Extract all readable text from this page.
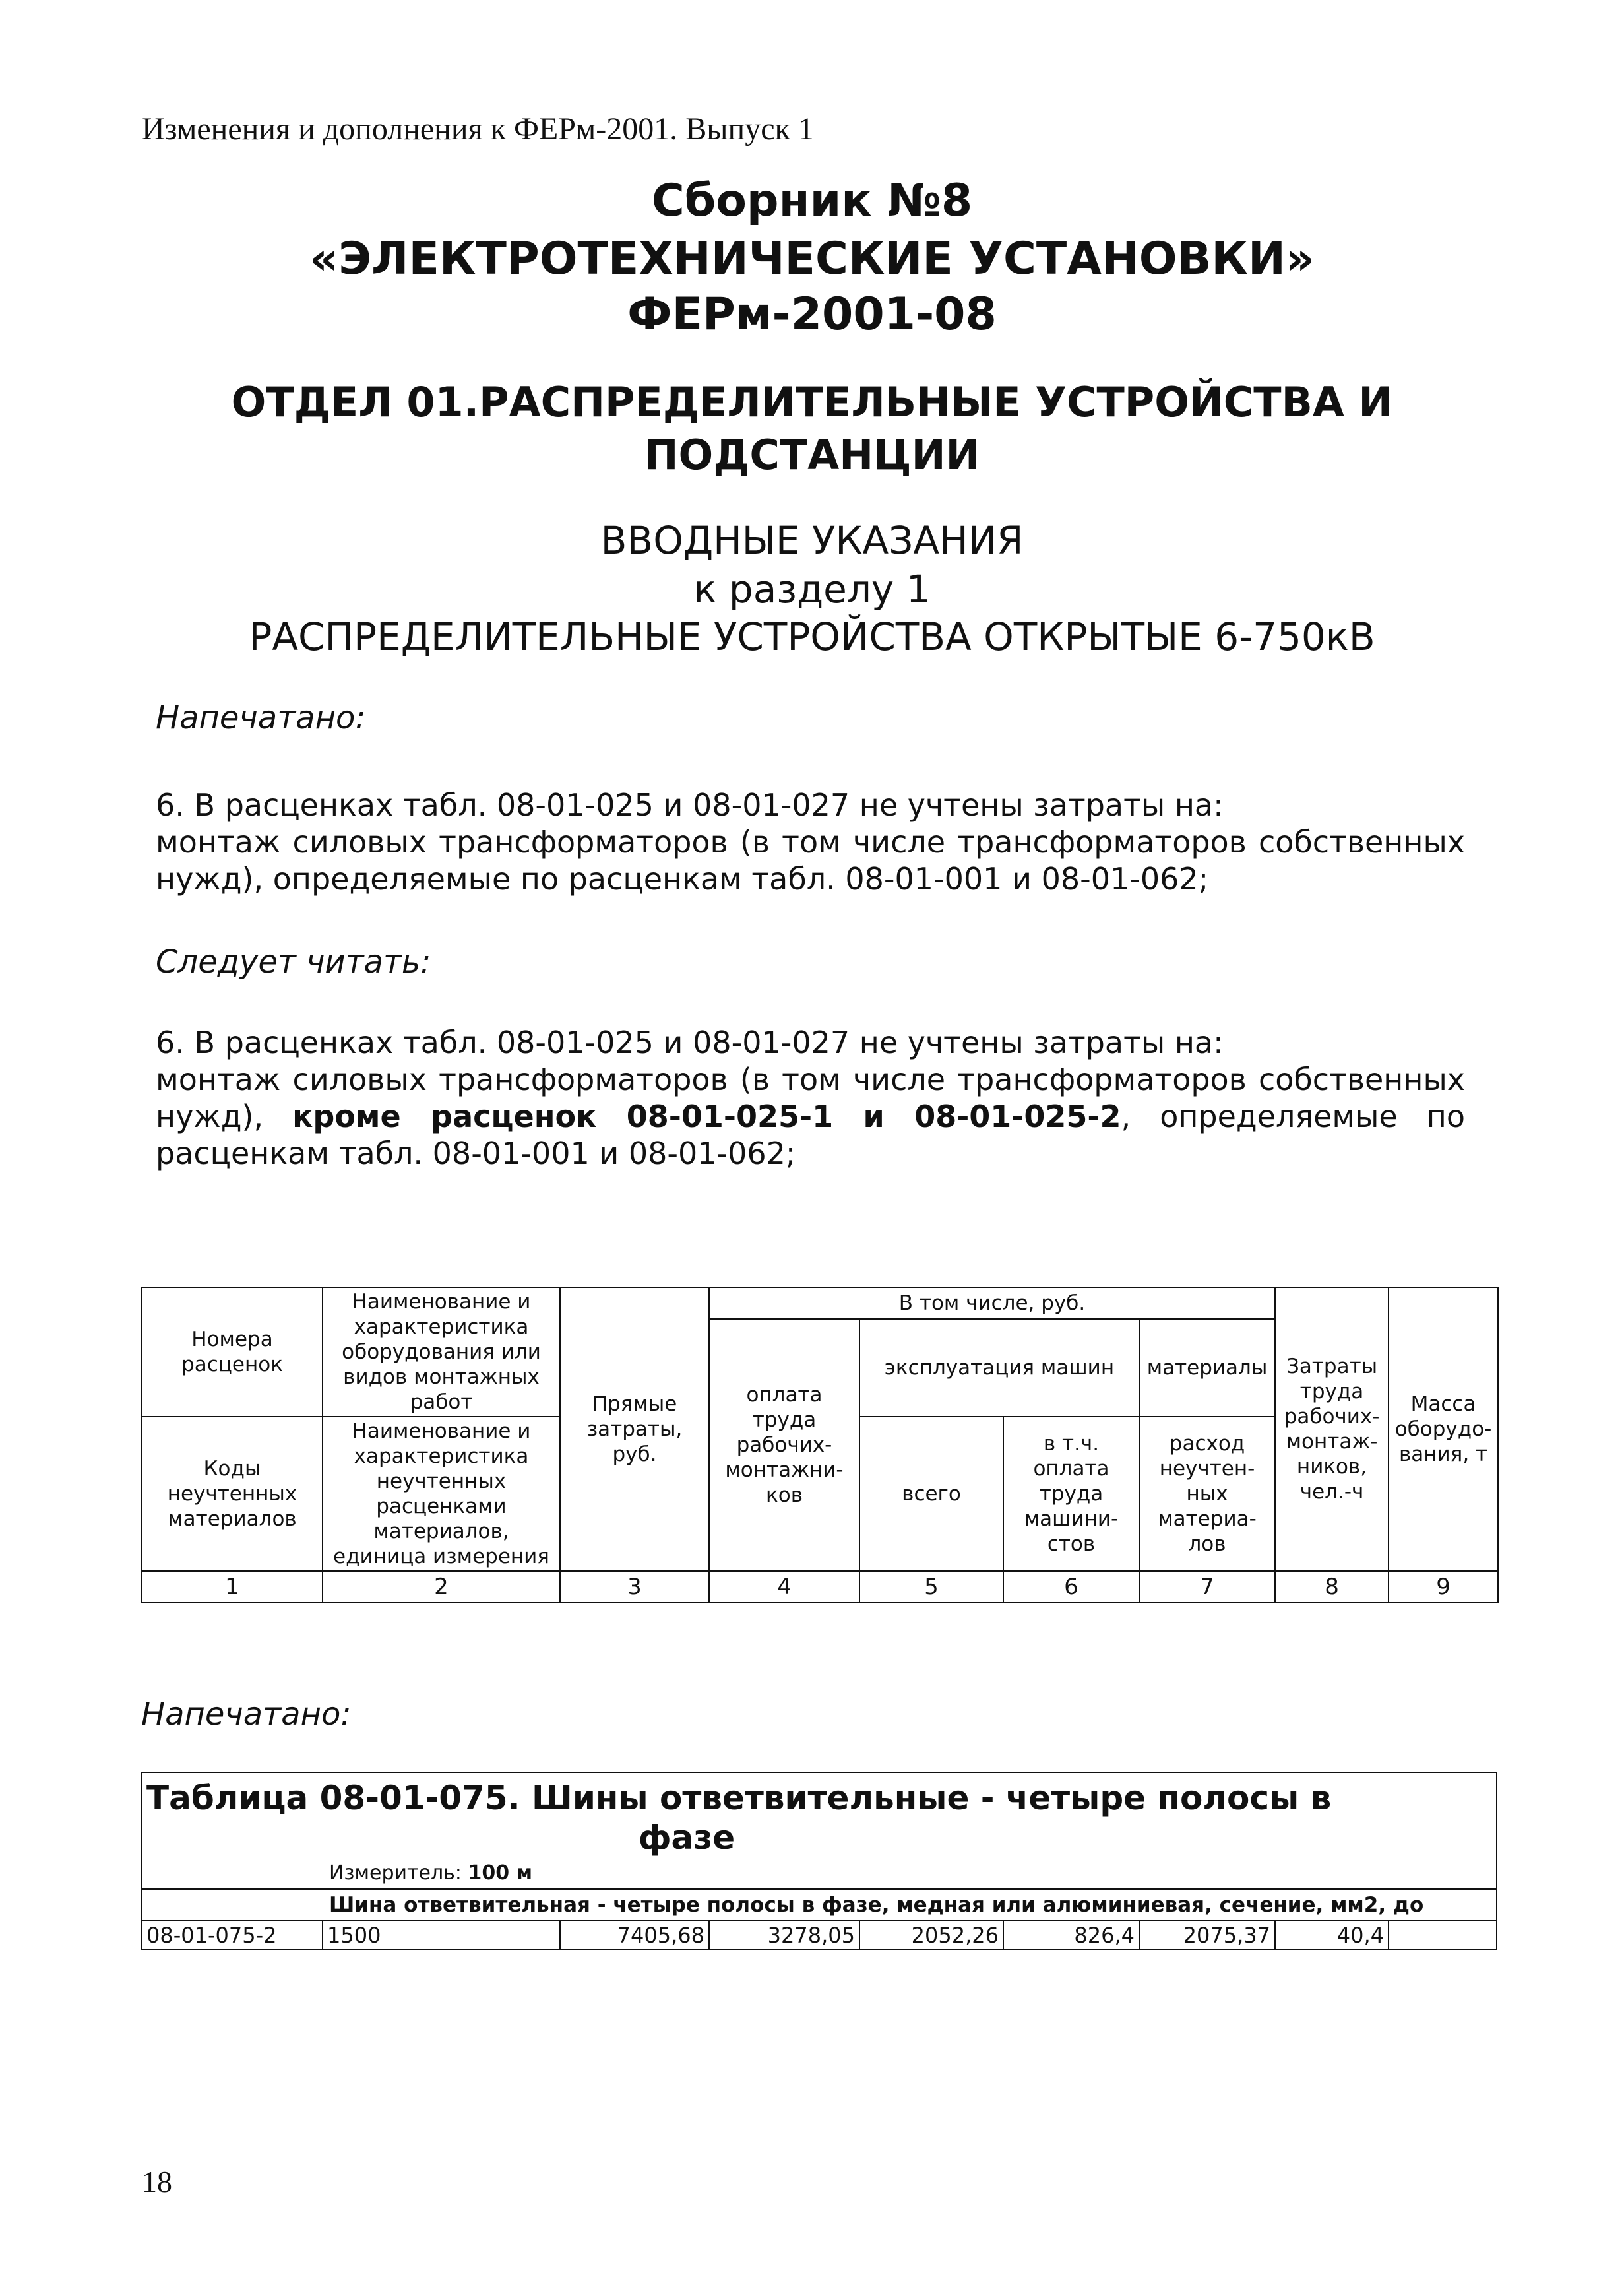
Изменения и дополнения к ФЕРм-2001. Выпуск 1
Сборник №8
«ЭЛЕКТРОТЕХНИЧЕСКИЕ УСТАНОВКИ»
ФЕРм-2001-08
ОТДЕЛ 01.РАСПРЕДЕЛИТЕЛЬНЫЕ УСТРОЙСТВА И
ПОДСТАНЦИИ
ВВОДНЫЕ УКАЗАНИЯ
к разделу 1
РАСПРЕДЕЛИТЕЛЬНЫЕ УСТРОЙСТВА ОТКРЫТЫЕ 6-750кВ
Напечатано:

6. В расценках табл. 08-01-025 и 08-01-027 не учтены затраты на:

монтаж силовых трансформаторов (в том числе трансформаторов собственных нужд), определяемые по расценкам табл. 08-01-001 и 08-01-062;

Следует читать:

6. В расценках табл. 08-01-025 и 08-01-027 не учтены затраты на:

монтаж силовых трансформаторов (в том числе трансформаторов собственных нужд), кроме расценок 08-01-025-1 и 08-01-025-2, определяемые по расценкам табл. 08-01-001 и 08-01-062;

Номера расценок	Наименование и характеристика оборудования или видов монтажных работ	Прямые затраты, руб.	В том числе, руб.				Затраты труда рабочих-монтаж-ников, чел.-ч	Масса оборудо-вания, т
			оплата труда рабочих-монтажни-ков	эксплуатация машин		материалы		

Коды неучтенных материалов	Наименование и характеристика неучтенных расценками материалов, единица измерения			всего	в т.ч. оплата труда машини-стов	расход неучтен-ных материа-лов		

1	2	3	4	5	6	7	8	9
Напечатано:
Таблица 08-01-075. Шины ответвительные - четыре полосы в
фазе
Измеритель: 100 м
Шина ответвительная - четыре полосы в фазе, медная или алюминиевая, сечение, мм2, до
08-01-075-2	1500	7405,68	3278,05	2052,26	826,4	2075,37	40,4	
18
